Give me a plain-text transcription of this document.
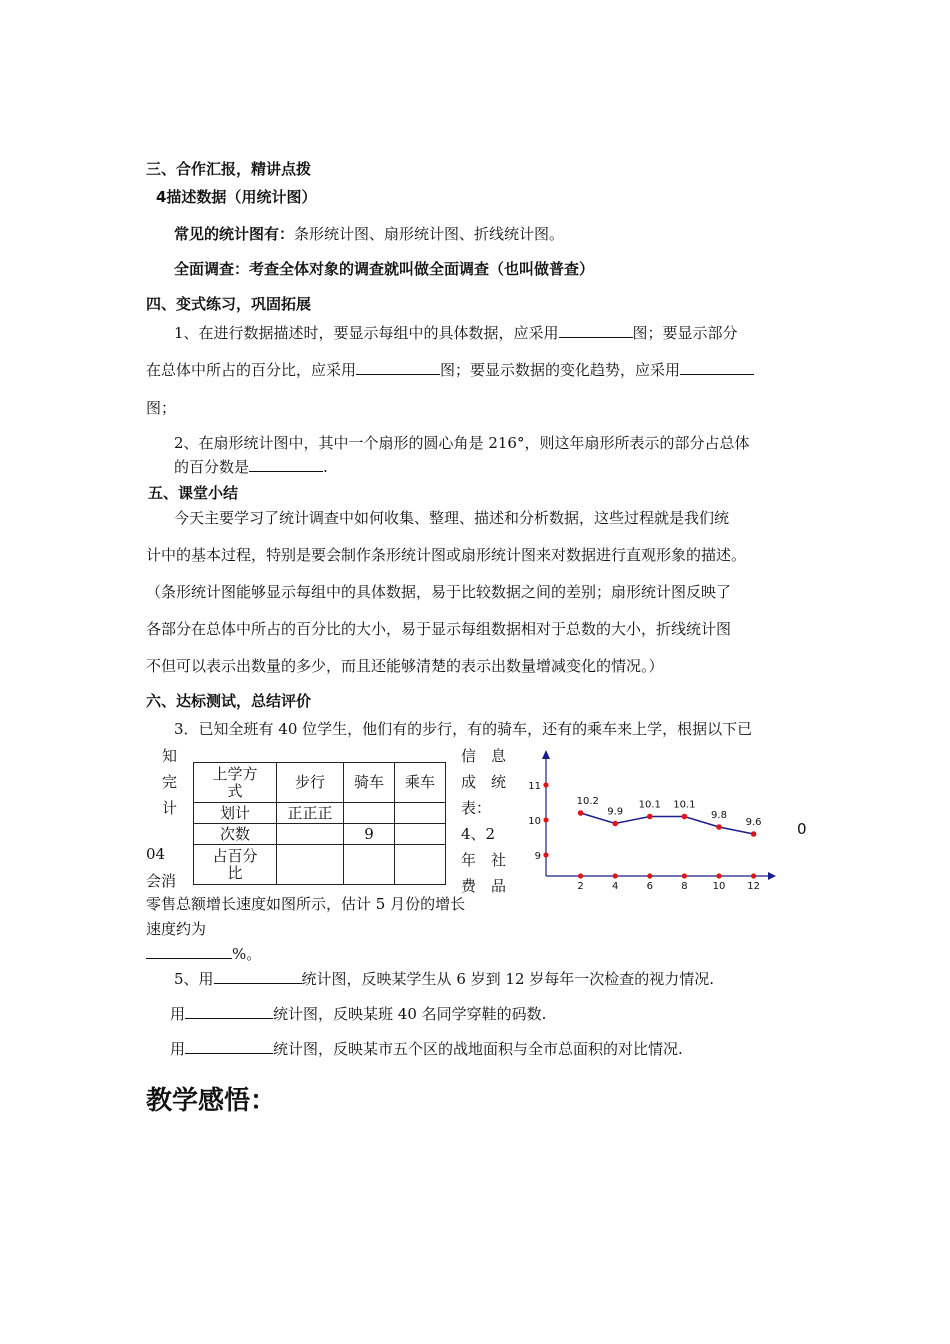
三、合作汇报，精讲点拨
4描述数据（用统计图）
常见的统计图有：条形统计图、扇形统计图、折线统计图。
全面调查：考查全体对象的调查就叫做全面调查（也叫做普查）
四、变式练习，巩固拓展
1、在进行数据描述时，要显示每组中的具体数据，应采用	图；要显示部分
在总体中所占的百分比，应采用	图；要显示数据的变化趋势，应采用
图；
2、在扇形统计图中，其中一个扇形的圆心角是 216°，则这年扇形所表示的部分占总体
的百分数是	.
五、课堂小结
今天主要学习了统计调查中如何收集、整理、描述和分析数据，这些过程就是我们统
计中的基本过程，特别是要会制作条形统计图或扇形统计图来对数据进行直观形象的描述。
（条形统计图能够显示每组中的具体数据，易于比较数据之间的差别；扇形统计图反映了
各部分在总体中所占的百分比的大小，易于显示每组数据相对于总数的大小，折线统计图
不但可以表示出数量的多少，而且还能够清楚的表示出数量增减变化的情况。）
六、达标测试，总结评价
3．已知全班有 40 位学生，他们有的步行，有的骑车，还有的乘车来上学，根据以下已
知
完
计
信　息
成　统
表：
4、2
年　社
费　品
04
会消
上学方式	步行	骑车	乘车
划计	正正正		
次数		9	

占百分比			

11
10
9
2	4	6	8	10 12
10.2
9.9
10.1 10.1
9.8
9.6 0
零售总额增长速度如图所示，估计 5 月份的增长
速度约为
%。
5、用	统计图，反映某学生从 6 岁到 12 岁每年一次检查的视力情况.
用	统计图，反映某班 40 名同学穿鞋的码数.
用	统计图，反映某市五个区的战地面积与全市总面积的对比情况.
教学感悟：
